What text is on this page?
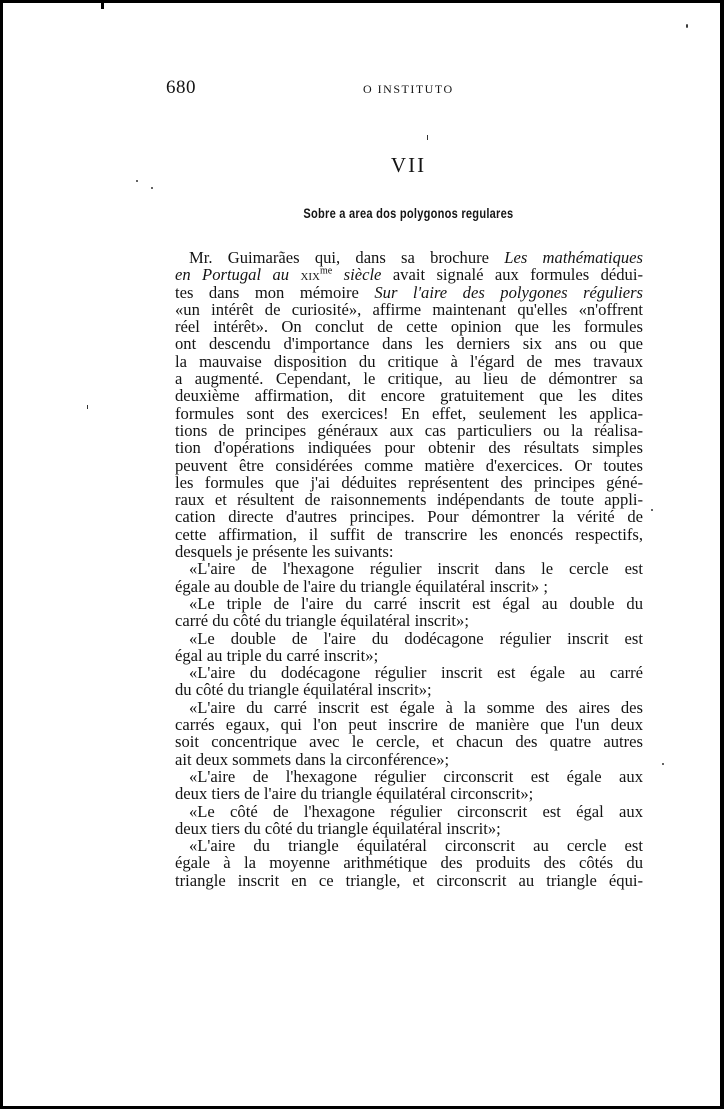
680	O INSTITUTO
VII
Sobre a area dos polygonos regulares
Mr. Guimarães qui, dans sa brochure Les mathématiques
en Portugal au xix$^{me}$ siècle avait signalé aux formules dédui-
tes dans mon mémoire Sur l'aire des polygones réguliers
«un intérêt de curiosité», affirme maintenant qu'elles «n'offrent
réel intérêt». On conclut de cette opinion que les formules
ont descendu d'importance dans les derniers six ans ou que
la mauvaise disposition du critique à l'égard de mes travaux
a augmenté. Cependant, le critique, au lieu de démontrer sa
deuxième affirmation, dit encore gratuitement que les dites
formules sont des exercices! En effet, seulement les applica-
tions de principes généraux aux cas particuliers ou la réalisa-
tion d'opérations indiquées pour obtenir des résultats simples
peuvent être considérées comme matière d'exercices. Or toutes
les formules que j'ai déduites représentent des principes géné-
raux et résultent de raisonnements indépendants de toute appli-
cation directe d'autres principes. Pour démontrer la vérité de
cette affirmation, il suffit de transcrire les enoncés respectifs,
desquels je présente les suivants:
«L'aire de l'hexagone régulier inscrit dans le cercle est
égale au double de l'aire du triangle équilatéral inscrit» ;
«Le triple de l'aire du carré inscrit est égal au double du
carré du côté du triangle équilatéral inscrit»;
«Le double de l'aire du dodécagone régulier inscrit est
égal au triple du carré inscrit»;
«L'aire du dodécagone régulier inscrit est égale au carré
du côté du triangle équilatéral inscrit»;
«L'aire du carré inscrit est égale à la somme des aires des
carrés egaux, qui l'on peut inscrire de manière que l'un deux
soit concentrique avec le cercle, et chacun des quatre autres
ait deux sommets dans la circonférence»;
«L'aire de l'hexagone régulier circonscrit est égale aux
deux tiers de l'aire du triangle équilatéral circonscrit»;
«Le côté de l'hexagone régulier circonscrit est égal aux
deux tiers du côté du triangle équilatéral inscrit»;
«L'aire du triangle équilatéral circonscrit au cercle est
égale à la moyenne arithmétique des produits des côtés du
triangle inscrit en ce triangle, et circonscrit au triangle équi-
